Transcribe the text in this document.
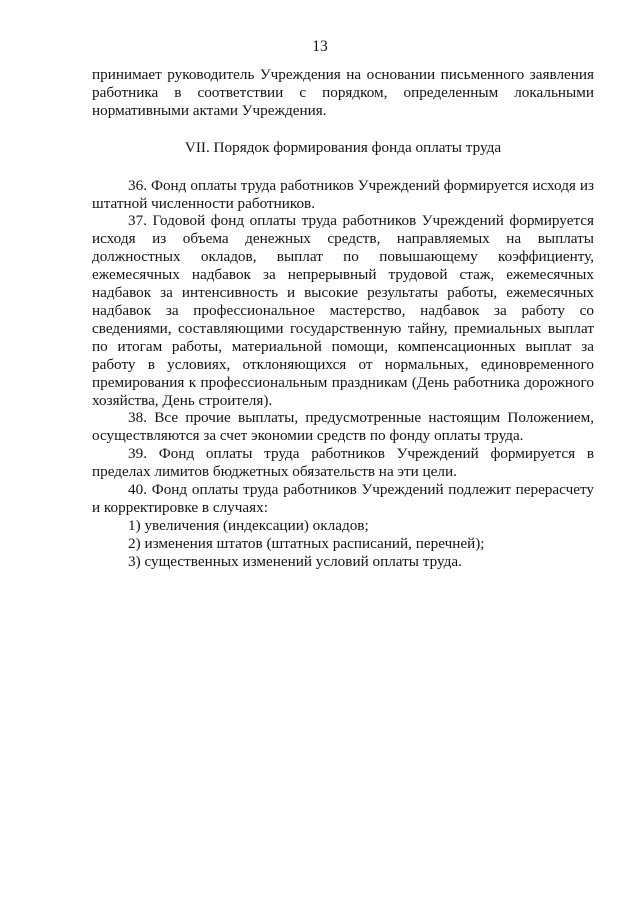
13

принимает руководитель Учреждения на основании письменного заявления работника в соответствии с порядком, определенным локальными нормативными актами Учреждения.

VII. Порядок формирования фонда оплаты труда

36. Фонд оплаты труда работников Учреждений формируется исходя из штатной численности работников.

37. Годовой фонд оплаты труда работников Учреждений формируется исходя из объема денежных средств, направляемых на выплаты должностных окладов, выплат по повышающему коэффициенту, ежемесячных надбавок за непрерывный трудовой стаж, ежемесячных надбавок за интенсивность и высокие результаты работы, ежемесячных надбавок за профессиональное мастерство, надбавок за работу со сведениями, составляющими государственную тайну, премиальных выплат по итогам работы, материальной помощи, компенсационных выплат за работу в условиях, отклоняющихся от нормальных, единовременного премирования к профессиональным праздникам (День работника дорожного хозяйства, День строителя).

38. Все прочие выплаты, предусмотренные настоящим Положением, осуществляются за счет экономии средств по фонду оплаты труда.

39. Фонд оплаты труда работников Учреждений формируется в пределах лимитов бюджетных обязательств на эти цели.

40. Фонд оплаты труда работников Учреждений подлежит перерасчету и корректировке в случаях:

1) увеличения (индексации) окладов;

2) изменения штатов (штатных расписаний, перечней);

3) существенных изменений условий оплаты труда.
